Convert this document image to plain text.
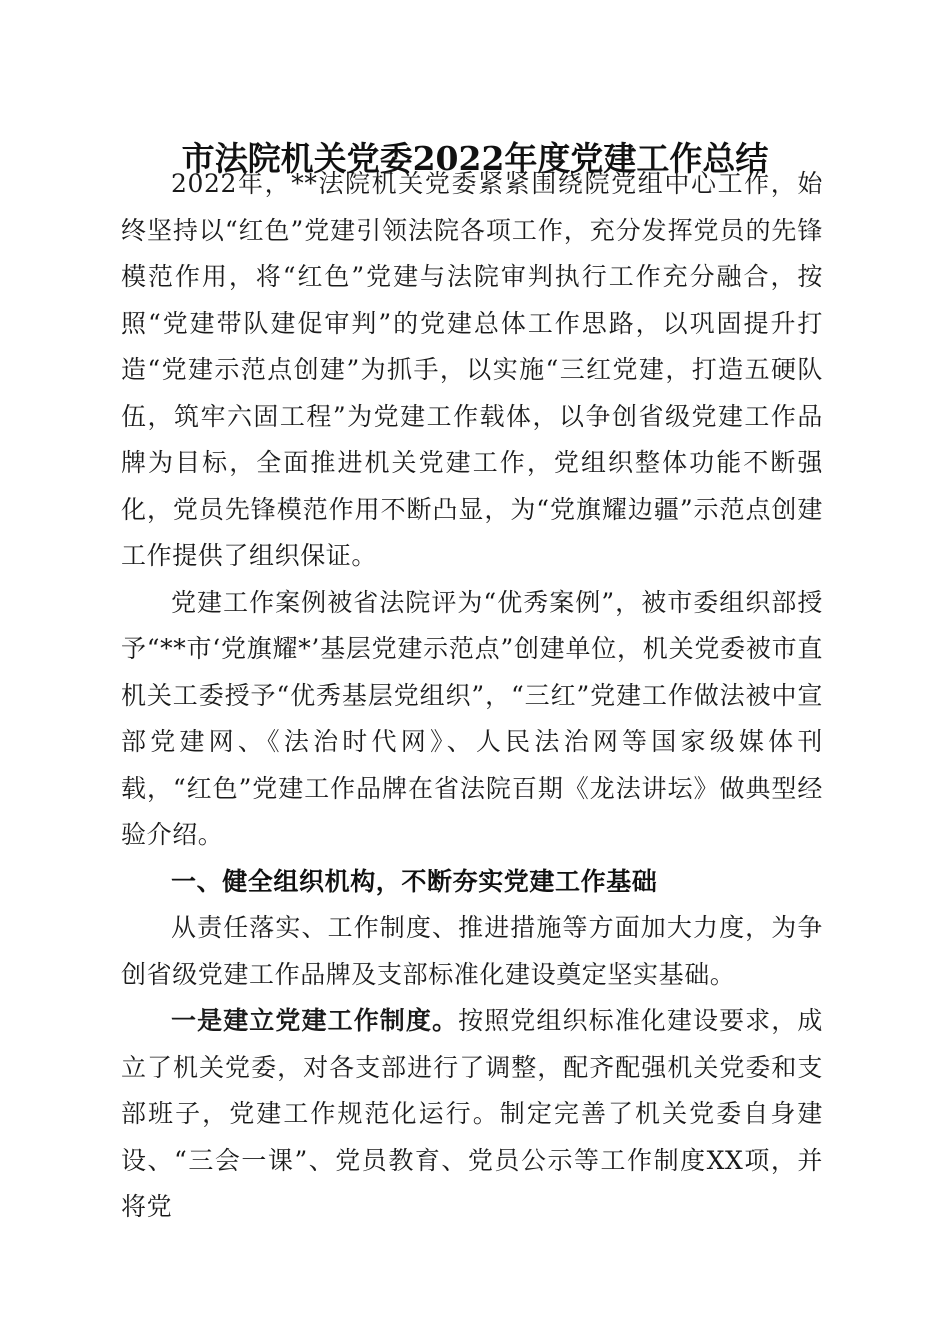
市法院机关党委2022年度党建工作总结

2022年，**法院机关党委紧紧围绕院党组中心工作，始终坚持以“红色”党建引领法院各项工作，充分发挥党员的先锋模范作用，将“红色”党建与法院审判执行工作充分融合，按照“党建带队建促审判”的党建总体工作思路，以巩固提升打造“党建示范点创建”为抓手，以实施“三红党建，打造五硬队伍，筑牢六固工程”为党建工作载体，以争创省级党建工作品牌为目标，全面推进机关党建工作，党组织整体功能不断强化，党员先锋模范作用不断凸显，为“党旗耀边疆”示范点创建工作提供了组织保证。

党建工作案例被省法院评为“优秀案例”，被市委组织部授予“**市‘党旗耀*’基层党建示范点”创建单位，机关党委被市直机关工委授予“优秀基层党组织”，“三红”党建工作做法被中宣部党建网、《法治时代网》、人民法治网等国家级媒体刊载，“红色”党建工作品牌在省法院百期《龙法讲坛》做典型经验介绍。

一、健全组织机构，不断夯实党建工作基础

从责任落实、工作制度、推进措施等方面加大力度，为争创省级党建工作品牌及支部标准化建设奠定坚实基础。

一是建立党建工作制度。按照党组织标准化建设要求，成立了机关党委，对各支部进行了调整，配齐配强机关党委和支部班子，党建工作规范化运行。制定完善了机关党委自身建设、“三会一课”、党员教育、党员公示等工作制度XX项，并将党
